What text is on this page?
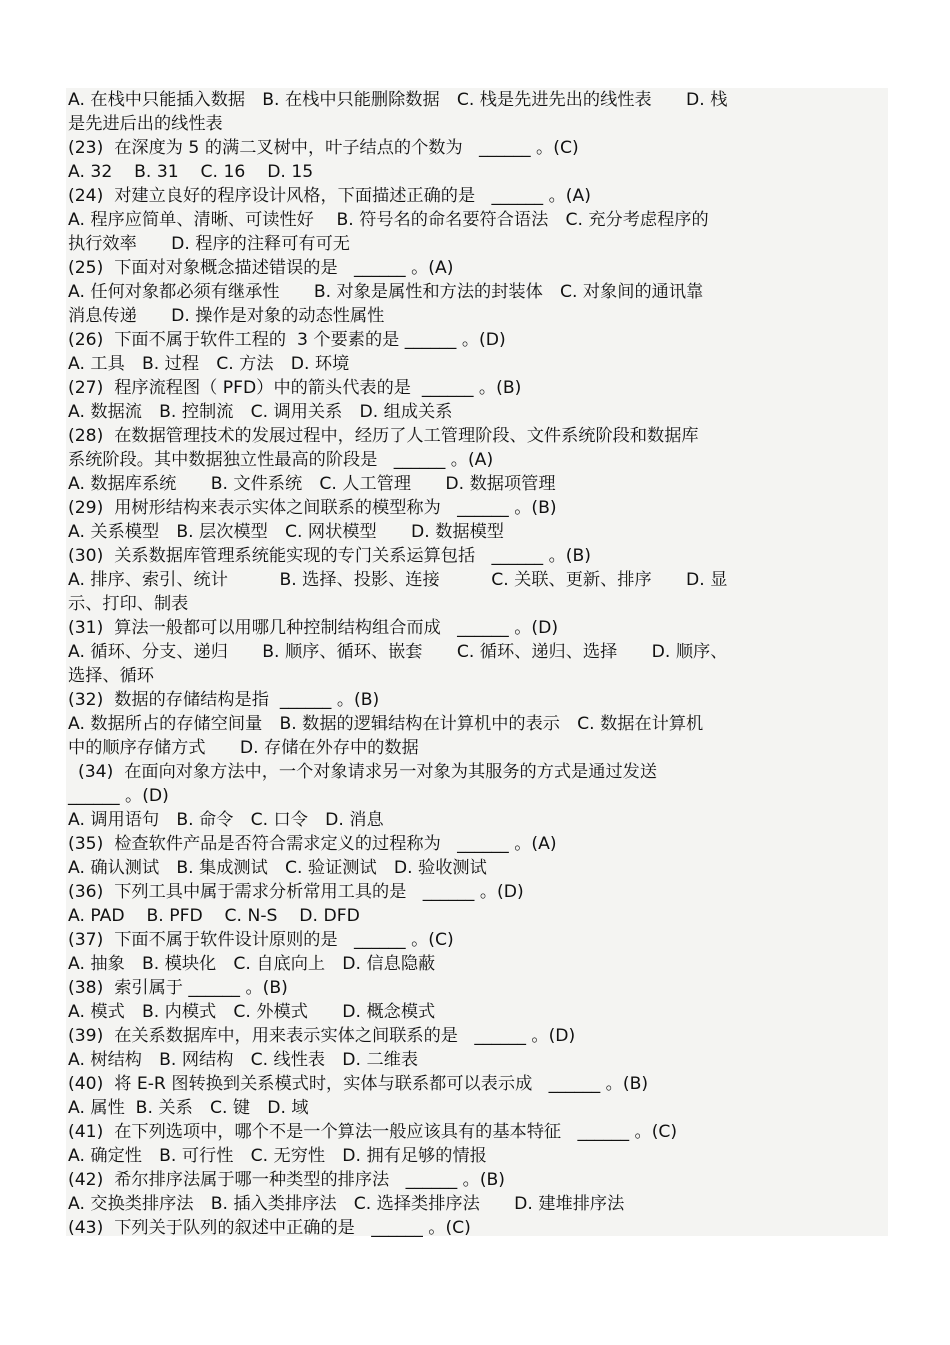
A. 在栈中只能插入数据　B. 在栈中只能删除数据　C. 栈是先进先出的线性表　　D. 栈
是先进后出的线性表
(23)  在深度为 5 的满二叉树中，叶子结点的个数为   ______ 。(C)
A. 32    B. 31    C. 16    D. 15
(24)  对建立良好的程序设计风格，下面描述正确的是   ______ 。(A)
A. 程序应简单、清晰、可读性好　 B. 符号名的命名要符合语法　C. 充分考虑程序的
执行效率　　D. 程序的注释可有可无
(25)  下面对对象概念描述错误的是   ______ 。(A)
A. 任何对象都必须有继承性　　B. 对象是属性和方法的封装体　C. 对象间的通讯靠
消息传递　　D. 操作是对象的动态性属性
(26)  下面不属于软件工程的  3 个要素的是 ______ 。(D)
A. 工具　B. 过程　C. 方法　D. 环境
(27)  程序流程图（ PFD）中的箭头代表的是  ______ 。(B)
A. 数据流　B. 控制流　C. 调用关系　D. 组成关系
(28)  在数据管理技术的发展过程中，经历了人工管理阶段、文件系统阶段和数据库
系统阶段。其中数据独立性最高的阶段是   ______ 。(A)
A. 数据库系统　　B. 文件系统　C. 人工管理　　D. 数据项管理
(29)  用树形结构来表示实体之间联系的模型称为   ______ 。(B)
A. 关系模型　B. 层次模型　C. 网状模型　　D. 数据模型
(30)  关系数据库管理系统能实现的专门关系运算包括   ______ 。(B)
A. 排序、索引、统计　　　B. 选择、投影、连接　　　C. 关联、更新、排序　　D. 显
示、打印、制表
(31)  算法一般都可以用哪几种控制结构组合而成   ______ 。(D)
A. 循环、分支、递归　　B. 顺序、循环、嵌套　　C. 循环、递归、选择　　D. 顺序、
选择、循环
(32)  数据的存储结构是指  ______ 。(B)
A. 数据所占的存储空间量　B. 数据的逻辑结构在计算机中的表示　C. 数据在计算机
中的顺序存储方式　　D. 存储在外存中的数据
(34)  在面向对象方法中，一个对象请求另一对象为其服务的方式是通过发送
______ 。(D)
A. 调用语句　B. 命令　C. 口令　D. 消息
(35)  检查软件产品是否符合需求定义的过程称为   ______ 。(A)
A. 确认测试　B. 集成测试　C. 验证测试　D. 验收测试
(36)  下列工具中属于需求分析常用工具的是   ______ 。(D)
A. PAD    B. PFD    C. N-S    D. DFD
(37)  下面不属于软件设计原则的是   ______ 。(C)
A. 抽象　B. 模块化　C. 自底向上　D. 信息隐蔽
(38)  索引属于 ______ 。(B)
A. 模式　B. 内模式　C. 外模式　　D. 概念模式
(39)  在关系数据库中，用来表示实体之间联系的是   ______ 。(D)
A. 树结构　B. 网结构　C. 线性表　D. 二维表
(40)  将 E-R 图转换到关系模式时，实体与联系都可以表示成   ______ 。(B)
A. 属性  B. 关系　C. 键　D. 域
(41)  在下列选项中，哪个不是一个算法一般应该具有的基本特征   ______ 。(C)
A. 确定性　B. 可行性　C. 无穷性　D. 拥有足够的情报
(42)  希尔排序法属于哪一种类型的排序法   ______ 。(B)
A. 交换类排序法　B. 插入类排序法　C. 选择类排序法　　D. 建堆排序法
(43)  下列关于队列的叙述中正确的是   ______ 。(C)
